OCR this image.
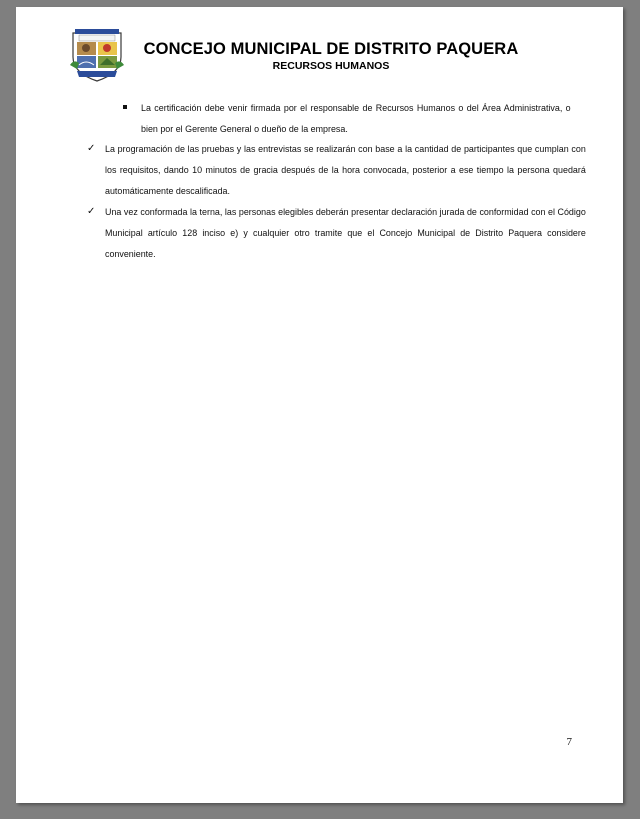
CONCEJO MUNICIPAL DE DISTRITO PAQUERA
RECURSOS HUMANOS
La certificación debe venir firmada por el responsable de Recursos Humanos o del Área Administrativa, o bien por el Gerente General o dueño de la empresa.
✓ La programación de las pruebas y las entrevistas se realizarán con base a la cantidad de participantes que cumplan con los requisitos, dando 10 minutos de gracia después de la hora convocada, posterior a ese tiempo la persona quedará automáticamente descalificada.
✓ Una vez conformada la terna, las personas elegibles deberán presentar declaración jurada de conformidad con el Código Municipal artículo 128 inciso e) y cualquier otro tramite que el Concejo Municipal de Distrito Paquera considere conveniente.
7
